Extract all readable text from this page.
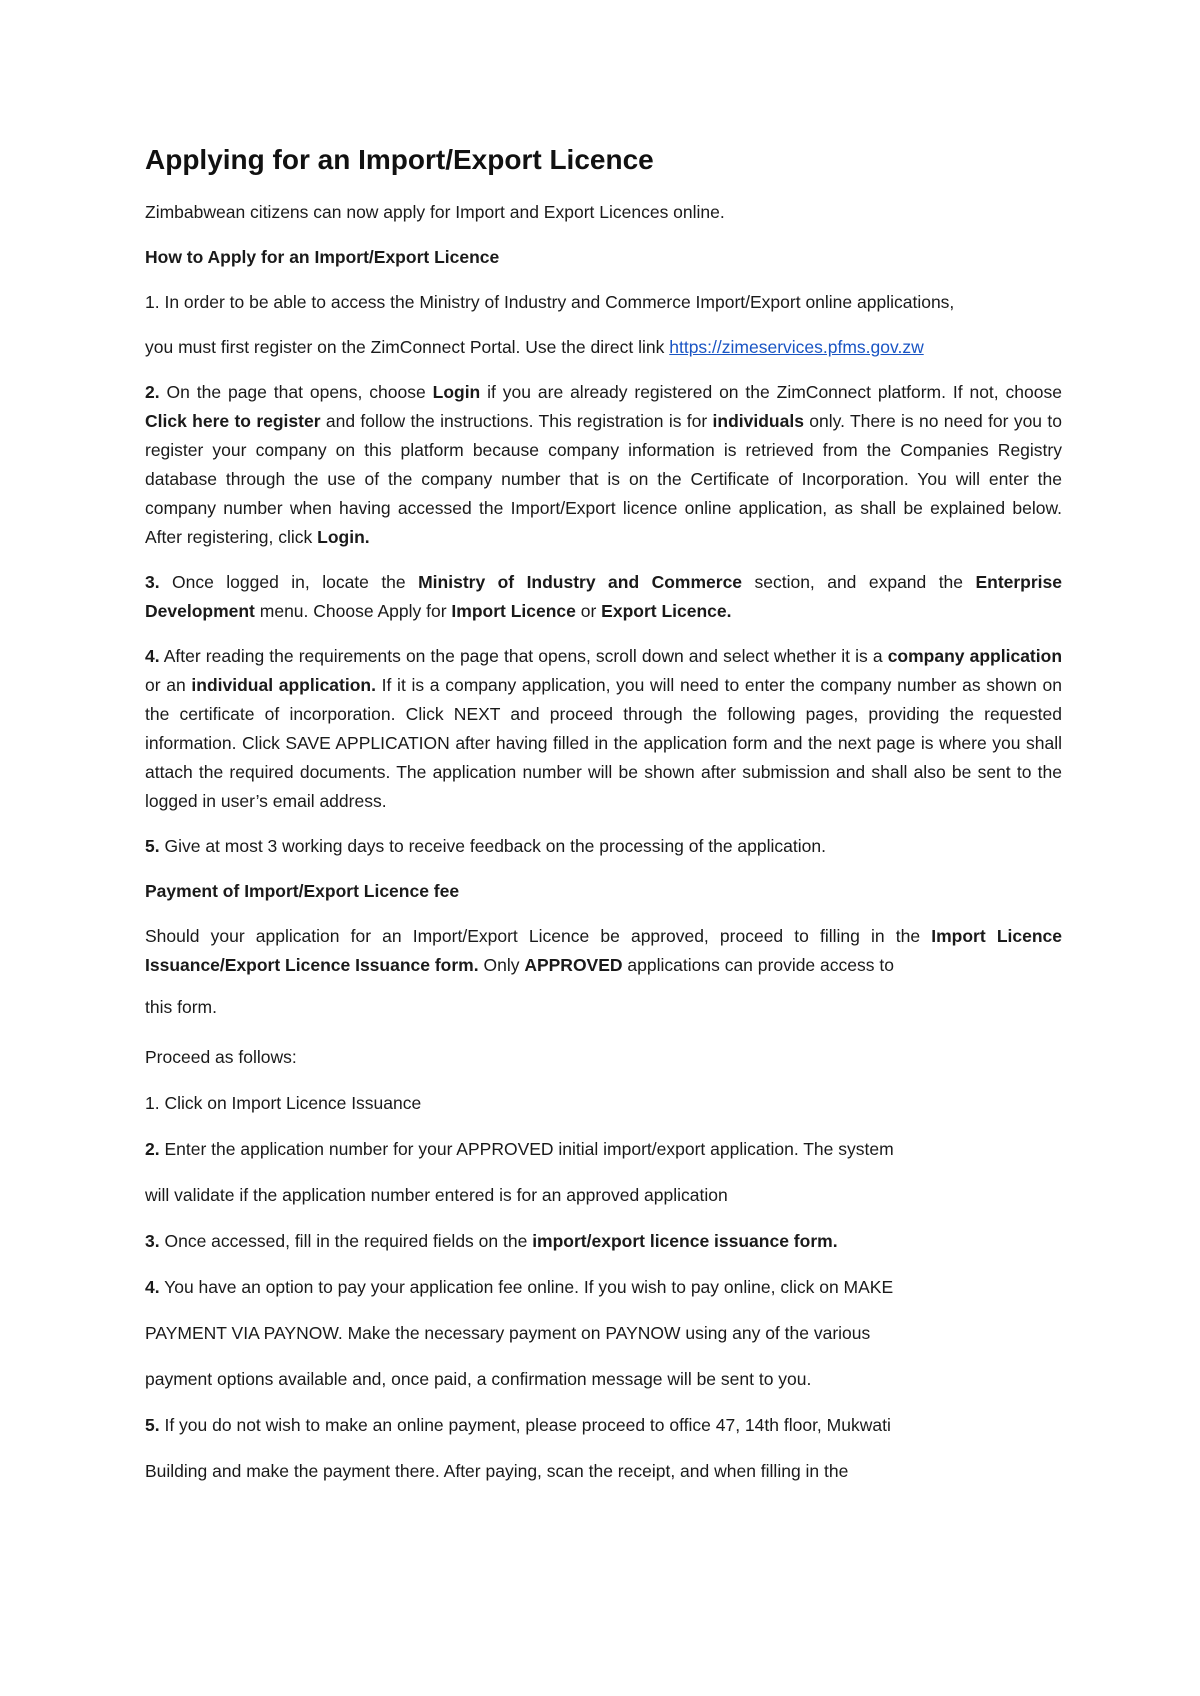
Applying for an Import/Export Licence

Zimbabwean citizens can now apply for Import and Export Licences online.

How to Apply for an Import/Export Licence

1. In order to be able to access the Ministry of Industry and Commerce Import/Export online applications,

you must first register on the ZimConnect Portal. Use the direct link https://zimeservices.pfms.gov.zw

2. On the page that opens, choose Login if you are already registered on the ZimConnect platform. If not, choose Click here to register and follow the instructions. This registration is for individuals only. There is no need for you to register your company on this platform because company information is retrieved from the Companies Registry database through the use of the company number that is on the Certificate of Incorporation. You will enter the company number when having accessed the Import/Export licence online application, as shall be explained below. After registering, click Login.

3. Once logged in, locate the Ministry of Industry and Commerce section, and expand the Enterprise Development menu. Choose Apply for Import Licence or Export Licence.

4. After reading the requirements on the page that opens, scroll down and select whether it is a company application or an individual application. If it is a company application, you will need to enter the company number as shown on the certificate of incorporation. Click NEXT and proceed through the following pages, providing the requested information. Click SAVE APPLICATION after having filled in the application form and the next page is where you shall attach the required documents. The application number will be shown after submission and shall also be sent to the logged in user’s email address.

5. Give at most 3 working days to receive feedback on the processing of the application.

Payment of Import/Export Licence fee

Should your application for an Import/Export Licence be approved, proceed to filling in the Import Licence Issuance/Export Licence Issuance form. Only APPROVED applications can provide access to

this form.

Proceed as follows:

1. Click on Import Licence Issuance

2. Enter the application number for your APPROVED initial import/export application. The system

will validate if the application number entered is for an approved application

3. Once accessed, fill in the required fields on the import/export licence issuance form.

4. You have an option to pay your application fee online. If you wish to pay online, click on MAKE

PAYMENT VIA PAYNOW. Make the necessary payment on PAYNOW using any of the various

payment options available and, once paid, a confirmation message will be sent to you.

5. If you do not wish to make an online payment, please proceed to office 47, 14th floor, Mukwati

Building and make the payment there. After paying, scan the receipt, and when filling in the
